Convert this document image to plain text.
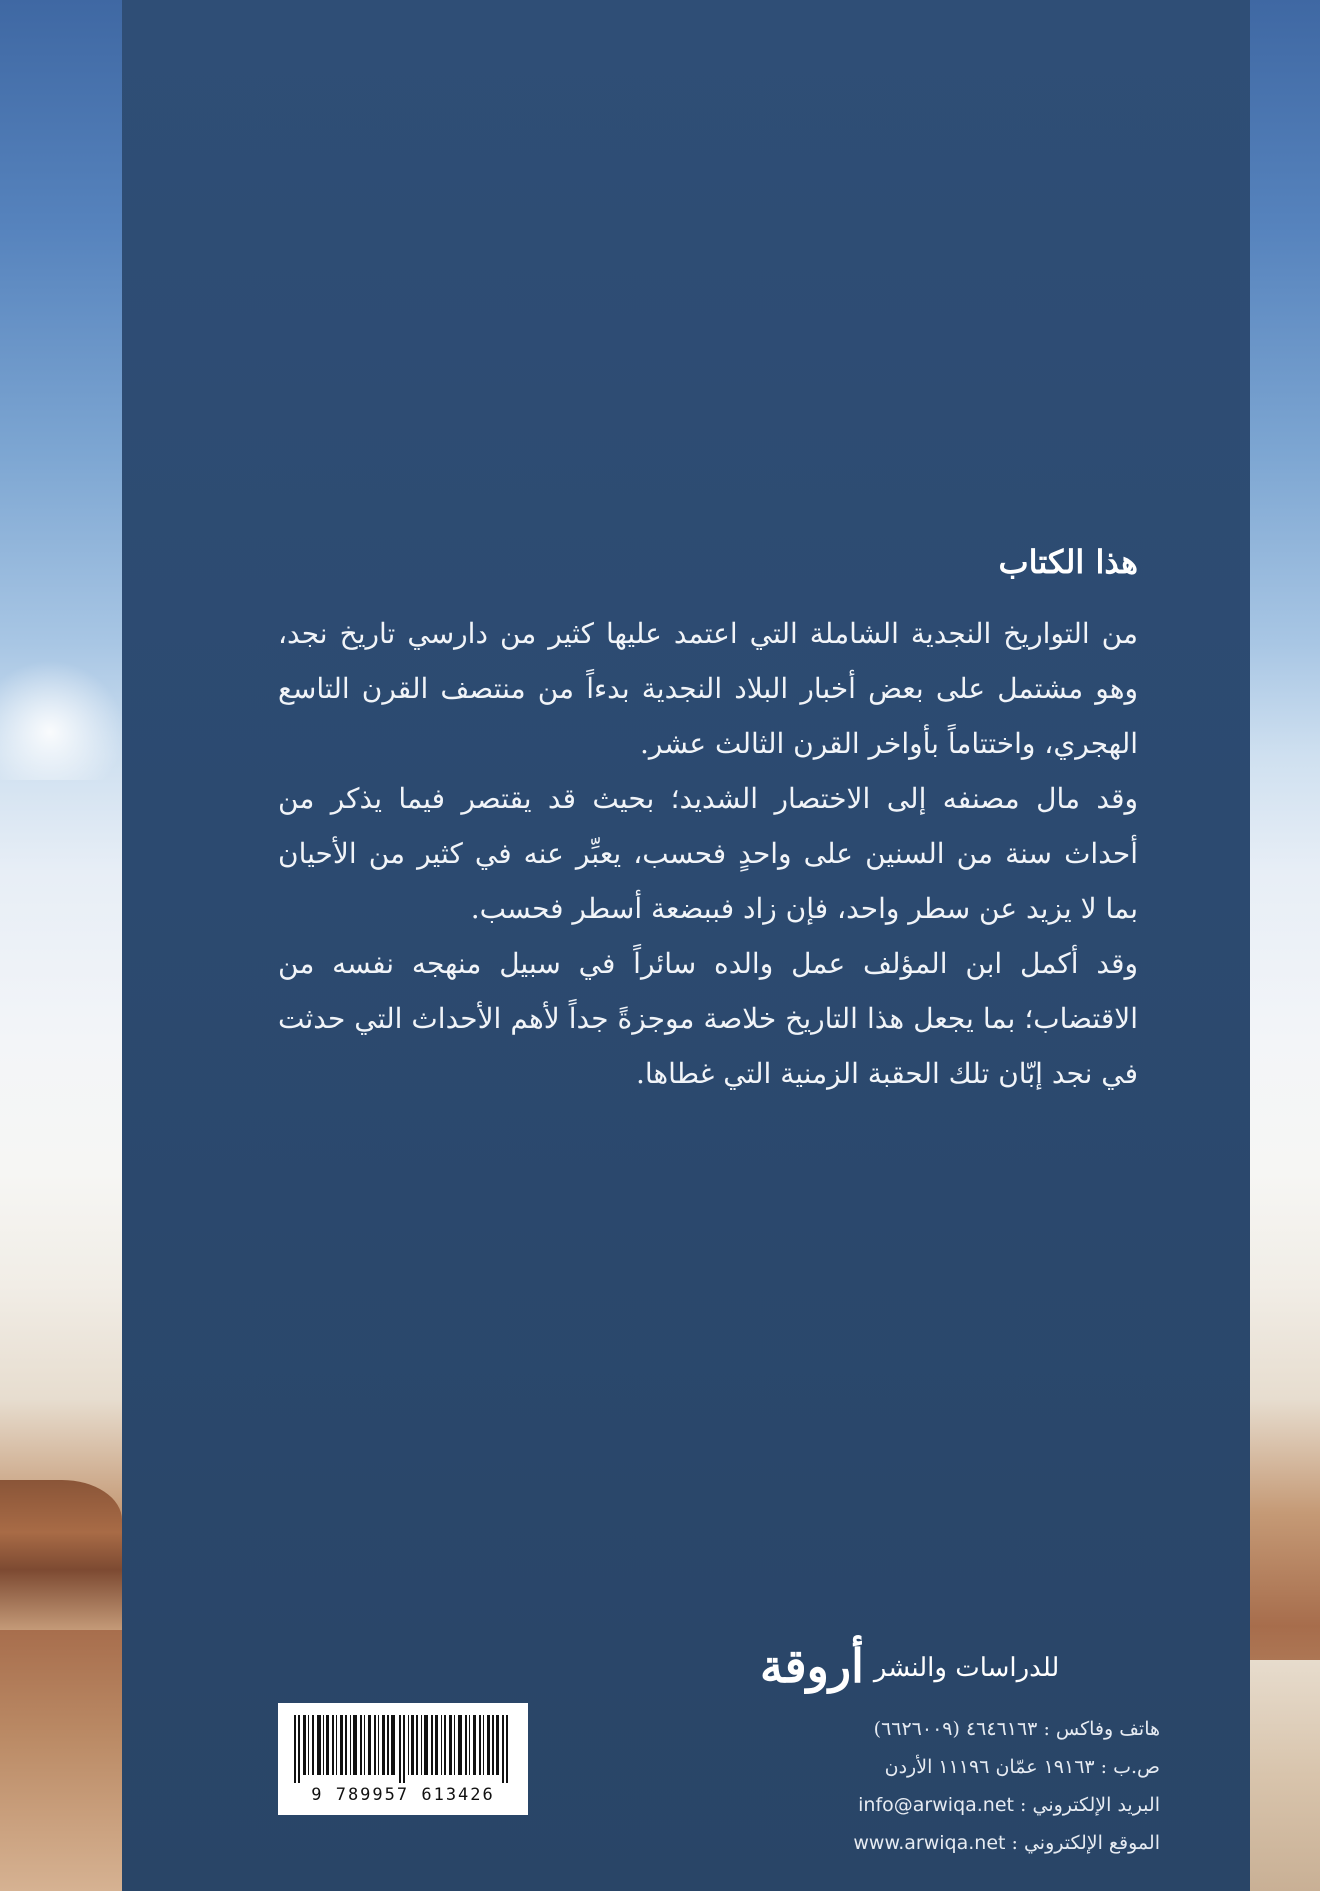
هذا الكتاب

من التواريخ النجدية الشاملة التي اعتمد عليها كثير من دارسي تاريخ نجد، وهو مشتمل على بعض أخبار البلاد النجدية بدءاً من منتصف القرن التاسع الهجري، واختتاماً بأواخر القرن الثالث عشر.

وقد مال مصنفه إلى الاختصار الشديد؛ بحيث قد يقتصر فيما يذكر من أحداث سنة من السنين على واحدٍ فحسب، يعبِّر عنه في كثير من الأحيان بما لا يزيد عن سطر واحد، فإن زاد فببضعة أسطر فحسب.

وقد أكمل ابن المؤلف عمل والده سائراً في سبيل منهجه نفسه من الاقتضاب؛ بما يجعل هذا التاريخ خلاصة موجزةً جداً لأهم الأحداث التي حدثت في نجد إبّان تلك الحقبة الزمنية التي غطاها.

أروقة للدراسات والنشر
هاتف وفاكس : ٤٦٤٦١٦٣ (٦٦٢٦٠٠٩)
ص.ب : ١٩١٦٣ عمّان ١١١٩٦ الأردن
البريد الإلكتروني : info@arwiqa.net
الموقع الإلكتروني : www.arwiqa.net
9 789957 613426
